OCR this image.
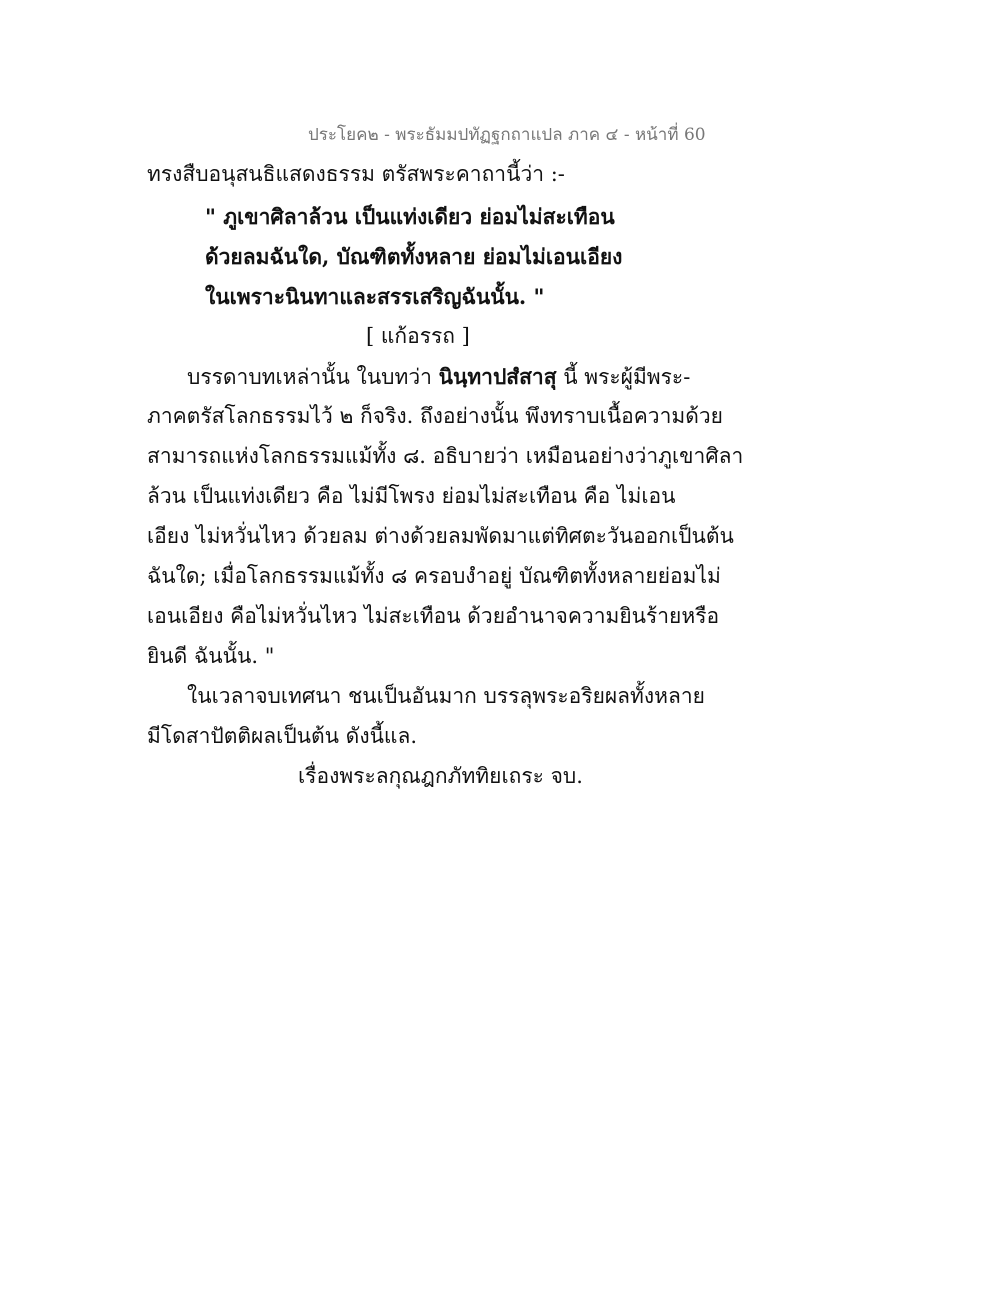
ประโยค๒ - พระธัมมปทัฏฐกถาแปล ภาค ๔ - หน้าที่ 60
ทรงสืบอนุสนธิแสดงธรรม ตรัสพระคาถานี้ว่า :-
" ภูเขาศิลาล้วน เป็นแท่งเดียว ย่อมไม่สะเทือน
ด้วยลมฉันใด, บัณฑิตทั้งหลาย ย่อมไม่เอนเอียง
ในเพราะนินทาและสรรเสริญฉันนั้น. "
[ แก้อรรถ ]
บรรดาบทเหล่านั้น ในบทว่า นินฺทาปสํสาสุ นี้ พระผู้มีพระ-
ภาคตรัสโลกธรรมไว้ ๒ ก็จริง. ถึงอย่างนั้น พึงทราบเนื้อความด้วย
สามารถแห่งโลกธรรมแม้ทั้ง ๘. อธิบายว่า เหมือนอย่างว่าภูเขาศิลา
ล้วน เป็นแท่งเดียว คือ ไม่มีโพรง ย่อมไม่สะเทือน คือ ไม่เอน
เอียง ไม่หวั่นไหว ด้วยลม ต่างด้วยลมพัดมาแต่ทิศตะวันออกเป็นต้น
ฉันใด; เมื่อโลกธรรมแม้ทั้ง ๘ ครอบงำอยู่ บัณฑิตทั้งหลายย่อมไม่
เอนเอียง คือไม่หวั่นไหว ไม่สะเทือน ด้วยอำนาจความยินร้ายหรือ
ยินดี ฉันนั้น. "
ในเวลาจบเทศนา ชนเป็นอันมาก บรรลุพระอริยผลทั้งหลาย
มีโดสาปัตติผลเป็นต้น ดังนี้แล.
เรื่องพระลกุณฎกภัททิยเถระ จบ.
